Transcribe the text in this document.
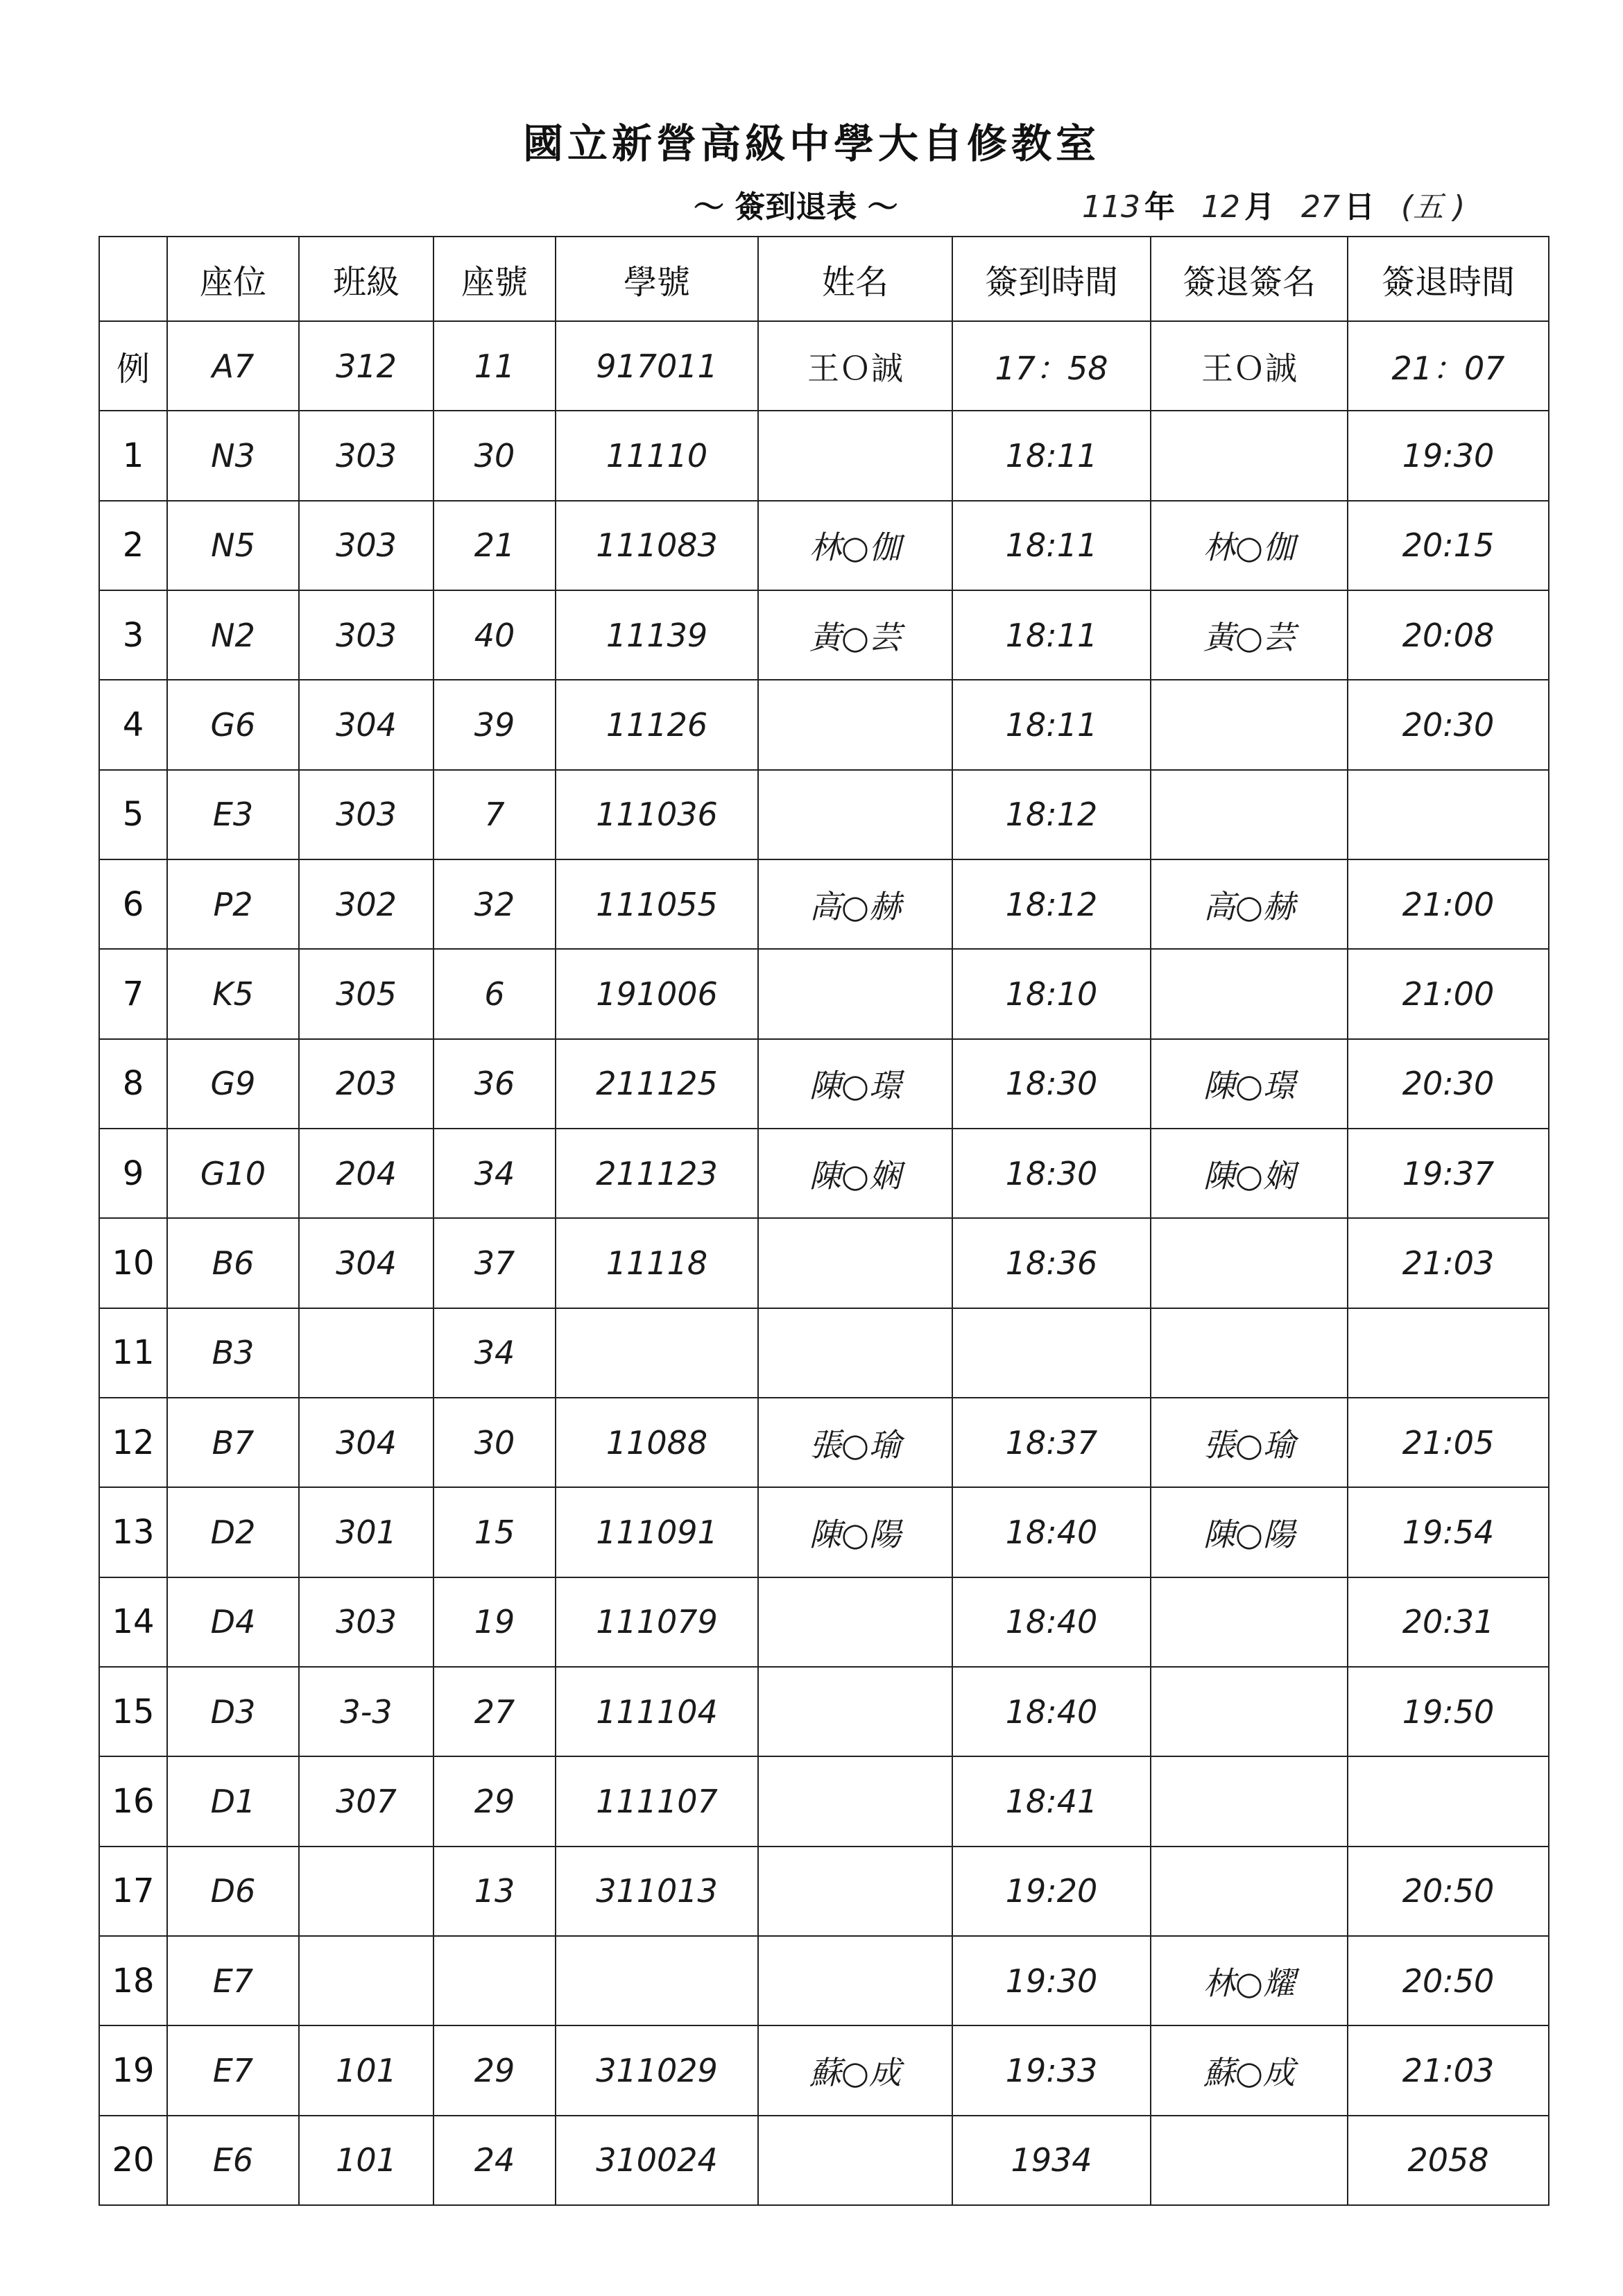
國立新營高級中學大自修教室
～ 簽到退表 ～	113 年 12 月 27 日 (五 )
	座位	班級	座號	學號	姓名	簽到時間	簽退簽名	簽退時間
例	A7	312	11	917011	王Ｏ誠	17：58	王Ｏ誠	21：07
1	N3	303	30	11110		18:11		19:30
2	N5	303	21	111083	林○伽	18:11	林○伽	20:15
3	N2	303	40	11139	黃○芸	18:11	黃○芸	20:08
4	G6	304	39	11126		18:11		20:30
5	E3	303	7	111036		18:12		
6	P2	302	32	111055	高○赫	18:12	高○赫	21:00
7	K5	305	6	191006		18:10		21:00
8	G9	203	36	211125	陳○璟	18:30	陳○璟	20:30
9	G10	204	34	211123	陳○娴	18:30	陳○娴	19:37
10	B6	304	37	11118		18:36		21:03
11	B3		34					
12	B7	304	30	11088	張○瑜	18:37	張○瑜	21:05
13	D2	301	15	111091	陳○陽	18:40	陳○陽	19:54
14	D4	303	19	111079		18:40		20:31
15	D3	3-3	27	111104		18:40		19:50
16	D1	307	29	111107		18:41		
17	D6		13	311013		19:20		20:50
18	E7					19:30	林○耀	20:50
19	E7	101	29	311029	蘇○成	19:33	蘇○成	21:03
20	E6	101	24	310024		1934		2058
